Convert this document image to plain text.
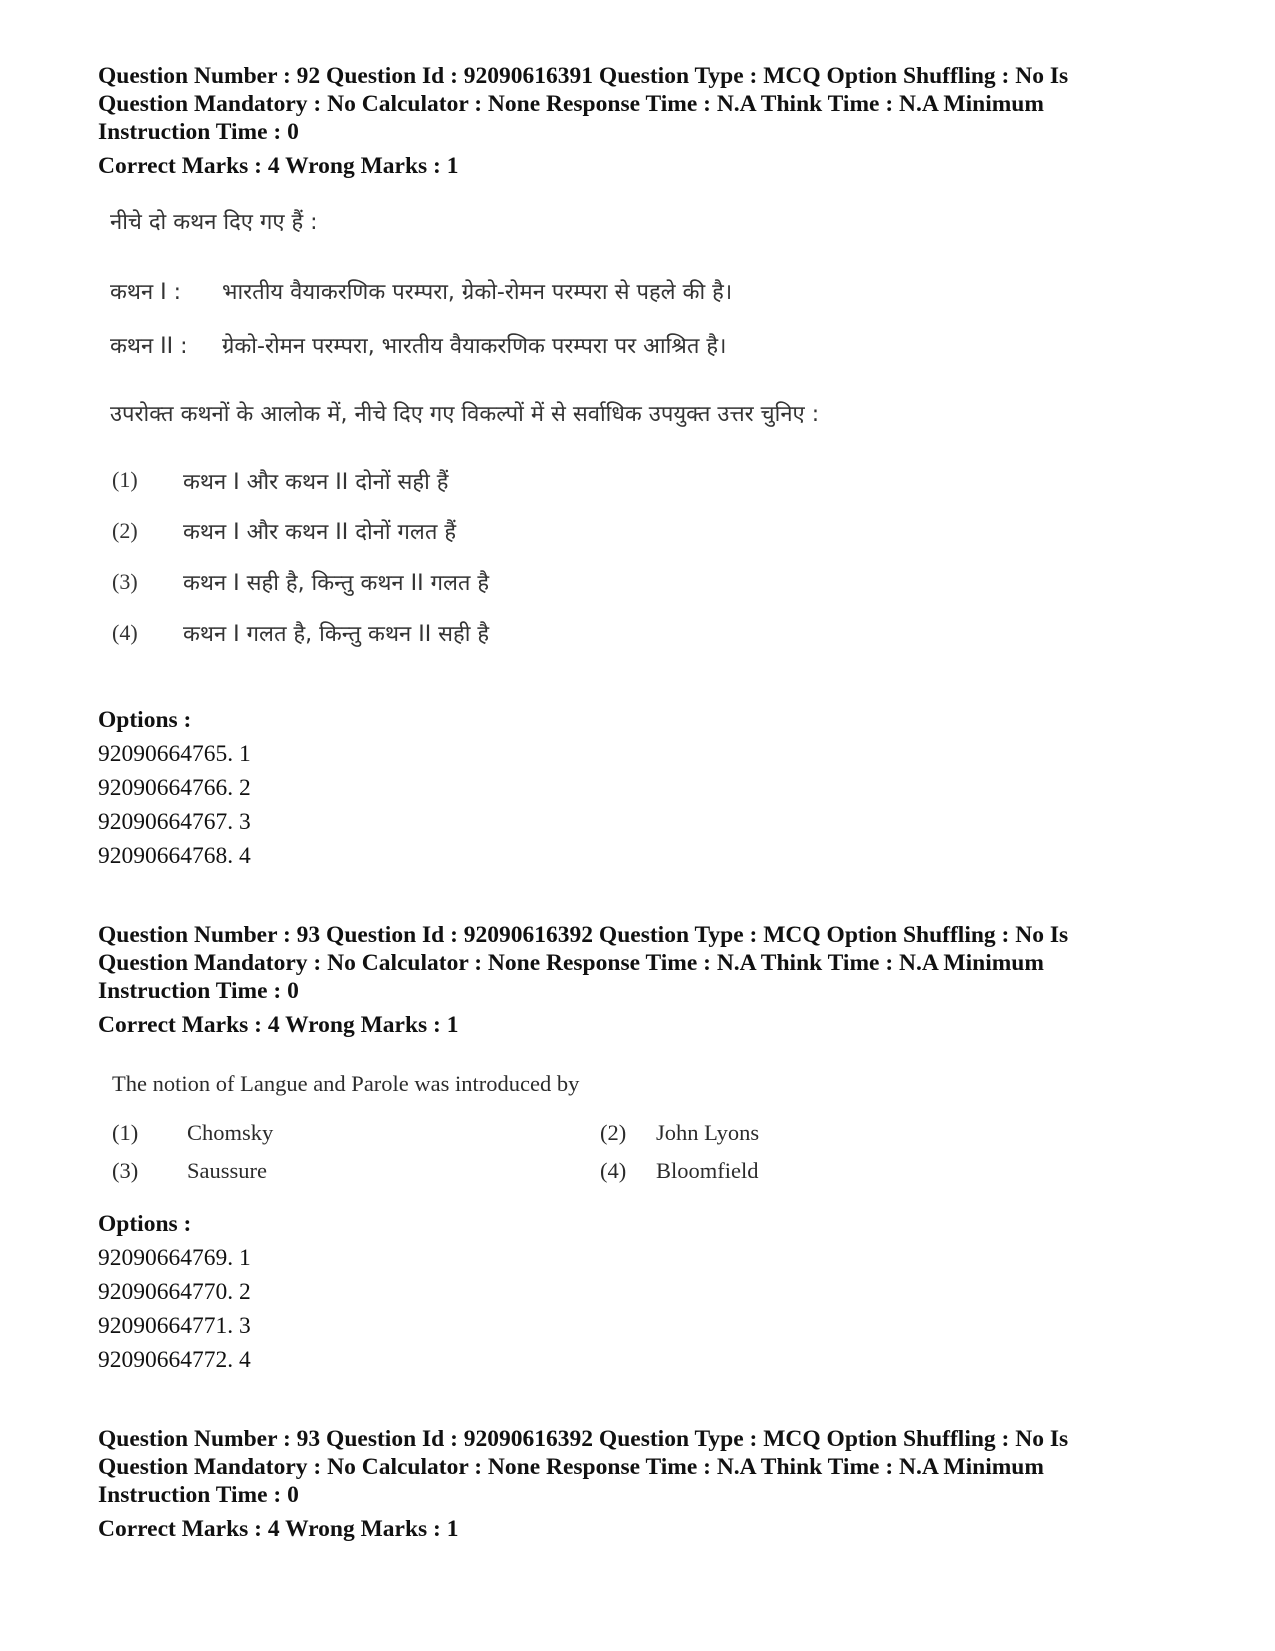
Question Number : 92 Question Id : 92090616391 Question Type : MCQ Option Shuffling : No Is

Question Mandatory : No Calculator : None Response Time : N.A Think Time : N.A Minimum

Instruction Time : 0

Correct Marks : 4 Wrong Marks : 1

नीचे दो कथन दिए गए हैं :
कथन I : भारतीय वैयाकरणिक परम्परा, ग्रेको-रोमन परम्परा से पहले की है।
कथन II : ग्रेको-रोमन परम्परा, भारतीय वैयाकरणिक परम्परा पर आश्रित है।
उपरोक्त कथनों के आलोक में, नीचे दिए गए विकल्पों में से सर्वाधिक उपयुक्त उत्तर चुनिए :
(1) कथन I और कथन II दोनों सही हैं
(2) कथन I और कथन II दोनों गलत हैं
(3) कथन I सही है, किन्तु कथन II गलत है
(4) कथन I गलत है, किन्तु कथन II सही है
Options :
92090664765. 1
92090664766. 2
92090664767. 3
92090664768. 4

Question Number : 93 Question Id : 92090616392 Question Type : MCQ Option Shuffling : No Is

Question Mandatory : No Calculator : None Response Time : N.A Think Time : N.A Minimum

Instruction Time : 0

Correct Marks : 4 Wrong Marks : 1

The notion of Langue and Parole was introduced by
(1) Chomsky	(2) John Lyons
(3) Saussure	(4) Bloomfield
Options :
92090664769. 1
92090664770. 2
92090664771. 3
92090664772. 4

Question Number : 93 Question Id : 92090616392 Question Type : MCQ Option Shuffling : No Is

Question Mandatory : No Calculator : None Response Time : N.A Think Time : N.A Minimum

Instruction Time : 0

Correct Marks : 4 Wrong Marks : 1
